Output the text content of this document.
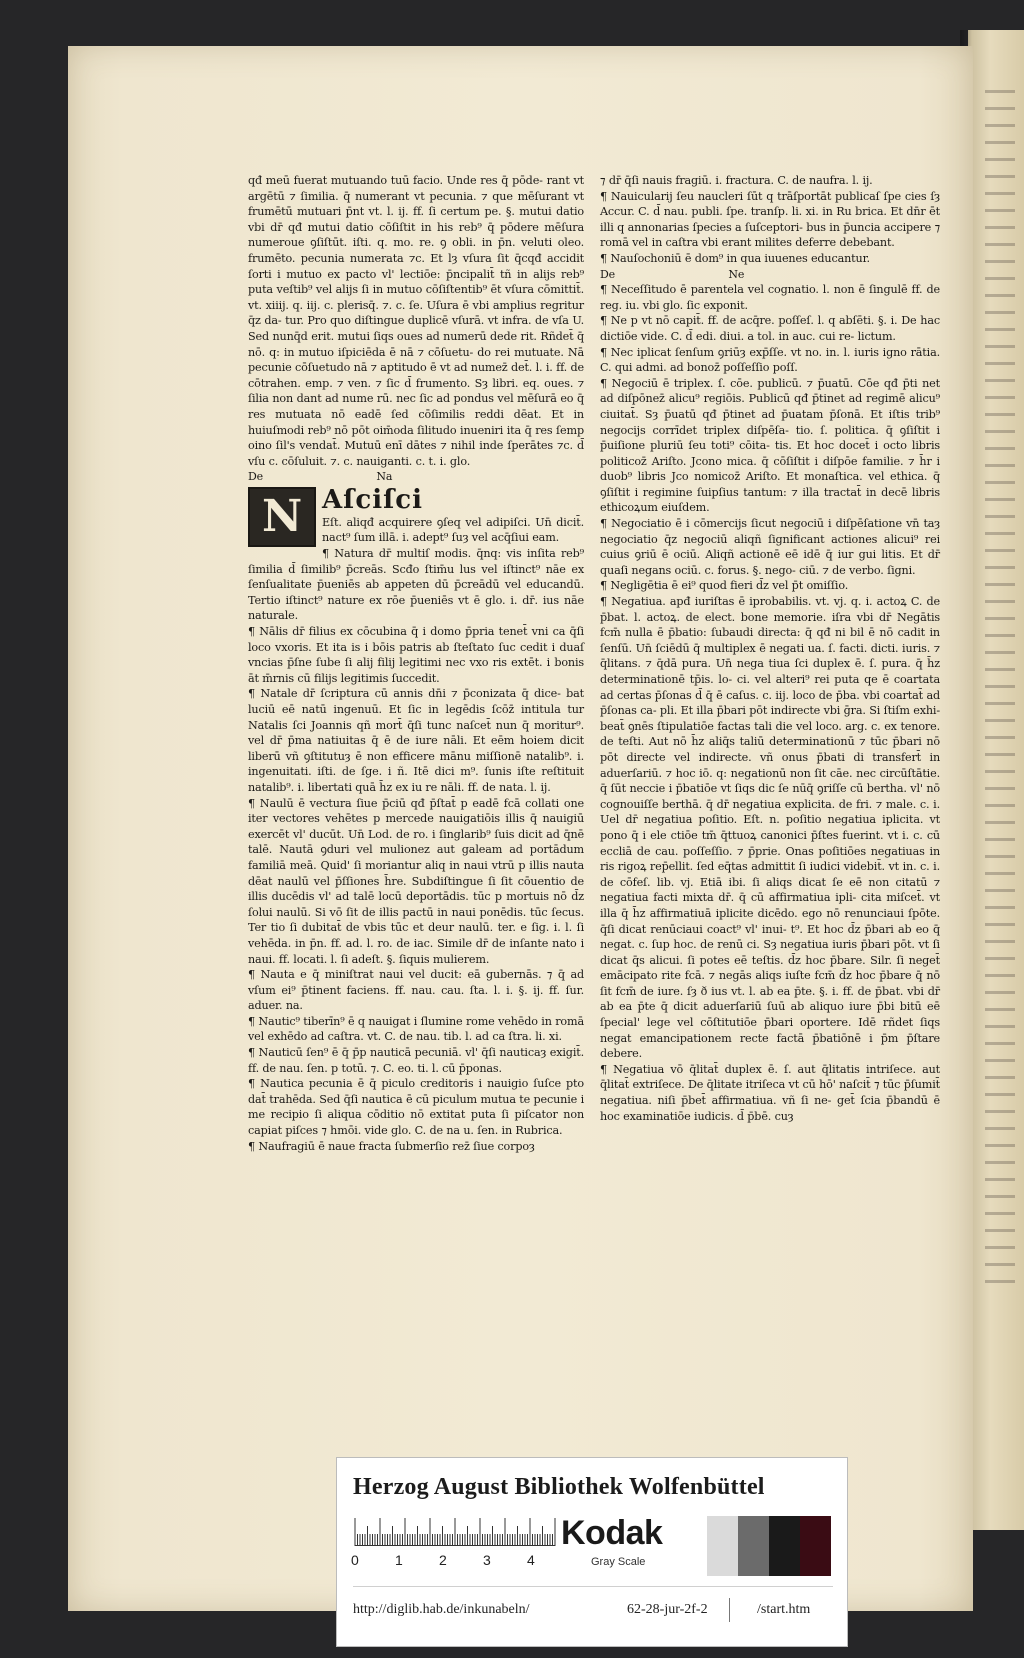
qđ meū fuerat mutuando tuū facio. Unde res q̄ pōde- rant vt argētū ⁊ ſimilia. q̄ numerant vt pecunia. ⁊ que mēſurant vt frumētū mutuari p̄nt vt. l. ij. ff. ſi certum pe. §. mutui datio vbi dr̄ qđ mutui datio cōſiſtit in his reb⁹ q̄ pōdere mēſura numeroue ꝯſiſtūt. iſti. q. mo. re. ꝯ obli. in p̄n. veluti oleo. frumēto. pecunia numerata ⁊c. Et lȝ vſura ſit q̄cqđ accidit ſorti i mutuo ex pacto vl' lectiōe: p̄ncipalit̄ tñ in alijs reb⁹ puta veſtib⁹ vel alijs ſi in mutuo cōſiſtentib⁹ ēt vſura cōmittit̄. vt. xiiij. q. iij. c. plerisq̄. ⁊. c. ſe. Uſura ē vbi amplius regritur q̄z da- tur. Pro quo diſtingue duplicē vſurā. vt infra. de vſa U. Sed nunq̄d erit. mutui ſiqs oues ad numerū dede rit. Rñdet̄ q̄ nō. q: in mutuo iſpiciēda ē nā ⁊ cōſuetu- do rei mutuate. Nā pecunie cōſuetudo nā ⁊ aptitudo ē vt ad numez̄ det̄. l. i. ff. de cōtrahen. emp. ⁊ ven. ⁊ ſic d̄ frumento. Sȝ libri. eq. oues. ⁊ ſilia non dant ad nume rū. nec ſic ad pondus vel mēſurā eo q̄ res mutuata nō eadē ſed cōſimilis reddi dēat. Et in huiuſmodi reb⁹ nō pōt oim̄oda ſilitudo inueniri ita q̄ res ſemp oino ſil's vendat̄. Mutuū enī dātes ⁊ nihil inde ſperātes ⁊c. d̄ vſu c. cōſuluit. ⁊. c. nauiganti. c. t. i. glo.

De Na

N Aſciſci

Eſt. aliqđ acquirere ꝯſeq vel adipiſci. Un̄ dicit̄. nact⁹ ſum illā. i. adept⁹ ſuȝ vel acq̄ſiui eam.

¶ Natura dr̄ multiſ modis. q̄nq: vis inſita reb⁹ ſimilia d̄ ſimilib⁹ p̄creās. Scđo ſtim̄u lus vel iſtinct⁹ nāe ex ſenſualitate p̄ueniēs ab appeten dū p̄creādū vel educandū. Tertio iſtinct⁹ nature ex rōe p̄ueniēs vt ē glo. i. dr̄. ius nāe naturale.

¶ Nālis dr̄ filius ex cōcubina q̄ i domo p̄pria tenet̄ vni ca q̄ſi loco vxoris. Et ita is i bōis patris ab ſteſtato ſuc cedit i duaſ vncias p̄ſne ſube ſi alij filij legitimi nec vxo ris extēt. i bonis āt m̄rnis cū filijs legitimis ſuccedit.

¶ Natale dr̄ ſcriptura cū annis dn̄i ⁊ p̄conizata q̄ dice- bat luciū eē natū ingenuū. Et ſic in legēdis ſcōz̄ intitula tur Natalis ſci Joannis qñ mort̄ q̄ſi tunc naſcet̄ nun q̄ moritur⁹. vel dr̄ p̄ma natiuitas q̄ ē de iure nāli. Et eēm hoiem dicit liberū vñ ꝯſtitutuȝ ē non efficere mānu miſſionē natalib⁹. i. ingenuitati. iſti. de ſge. i ñ. Itē dici m⁹. ſunis iſte reſtituit natalib⁹. i. libertati quā h̄z ex iu re nāli. ff. de nata. l. ij.

¶ Naulū ē vectura ſiue p̄ciū qđ p̄ſtat̄ p eadē fcā collati one iter vectores vehētes p mercede nauigatiōis illis q̄ nauigiū exercēt vl' ducūt. Un̄ Lod. de ro. i ſinglarib⁹ ſuis dicit ad q̄nē talē. Nautā ꝯduri vel mulionez aut galeam ad portādum familiā meā. Quid' ſi moriantur aliq in naui vtrū p illis nauta dēat naulū vel p̄ſſiones h̄re. Subdiſtingue ſi ſit cōuentio de illis ducēdis vl' ad talē locū deportādis. tūc p mortuis nō d̄z ſolui naulū. Si vō ſit de illis pactū in naui ponēdis. tūc ſecus. Ter tio ſi dubitat̄ de vbis tūc et deur naulū. ter. e ſig. i. l. ſi vehēda. in p̄n. ff. ad. l. ro. de iac. Simile dr̄ de inſante nato i naui. ff. locati. l. ſi adeſt. §. ſiquis mulierem.

¶ Nauta e q̄ miniſtrat naui vel ducit: eā gubernās. ⁊ q̄ ad vſum ei⁹ p̄tinent faciens. ff. nau. cau. ſta. l. i. §. ij. ff. ſur. aduer. na.

¶ Nautic⁹ tiberīn⁹ ē q nauigat i ſlumine rome vehēdo in romā vel exhēdo ad caſtra. vt. C. de nau. tib. l. ad ca ſtra. li. xi.

¶ Nauticū ſen⁹ ē q̄ p̄p nauticā pecuniā. vl' q̄ſi nauticaȝ exigit̄. ff. de nau. ſen. p totū. ⁊. C. eo. ti. l. cū p̄ponas.

¶ Nautica pecunia ē q̄ piculo creditoris i nauigio ſuſce pto dat̄ trahēda. Sed q̄ſi nautica ē cū piculum mutua te pecunie i me recipio ſi aliqua cōditio nō extitat puta ſi piſcator non capiat piſces ⁊ hmōi. vide glo. C. de na u. ſen. in Rubrica.

¶ Naufragiū ē naue fracta ſubmerſio rez̄ ſiue corpoȝ

⁊ dr̄ q̄ſi nauis fragiū. i. fractura. C. de naufra. l. ij.

¶ Nauicularij ſeu naucleri ſūt q trāſportāt publicaſ ſpe cies ſȝ Accur. C. d̄ nau. publi. ſpe. tranſp. li. xi. in Ru brica. Et dn̄r ēt illi q annonarias ſpecies a ſuſceptori- bus in p̄uncia accipere ⁊ romā vel in caſtra vbi erant milites deferre debebant.

¶ Nauſochoniū ē dom⁹ in qua iuuenes educantur.

De Ne

¶ Neceſſitudo ē parentela vel cognatio. l. non ē ſingulē ff. de reg. iu. vbi glo. ſic exponit.

¶ Ne p vt nō capit̄. ff. de acq̄re. poſſeſ. l. q abſēti. §. i. De hac dictiōe vide. C. d̄ edi. diui. a tol. in auc. cui re- lictum.

¶ Nec iplicat ſenſum ꝯriūȝ exp̄ſſe. vt no. in. l. iuris igno rātia. C. qui admi. ad bonoz̄ poſſeſſio poſſ.

¶ Negociū ē triplex. ſ. cōe. publicū. ⁊ p̄uatū. Cōe qđ p̄ti net ad diſpōnez̄ alicu⁹ regiōis. Publicū qđ p̄tinet ad regimē alicu⁹ ciuitat̄. Sȝ p̄uatū qđ p̄tinet ad p̄uatam p̄ſonā. Et iſtis trib⁹ negocijs corrīdet triplex diſpēſa- tio. ſ. politica. q̄ ꝯſiſtit i p̄uiſione pluriū ſeu toti⁹ cōita- tis. Et hoc docet̄ i octo libris politicoz̄ Ariſto. Jcono mica. q̄ cōſiſtit i diſpōe familie. ⁊ h̄r i duob⁹ libris Jco nomicoz̄ Ariſto. Et monaſtica. vel ethica. q̄ ꝯſiſtit i regimine ſuipſius tantum: ⁊ illa tractat̄ in decē libris ethicoꝝum eiuſdem.

¶ Negociatio ē i cōmercijs ſicut negociū i diſpēſatione vn̄ taȝ negociatio q̄z negociū aliqñ ſignificant actiones alicui⁹ rei cuius ꝯriū ē ociū. Aliqñ actionē eē idē q̄ iur gui litis. Et dr̄ quaſi negans ociū. c. forus. §. nego- ciū. ⁊ de verbo. ſigni.

¶ Negligētia ē ei⁹ quod fieri d̄z vel p̄t omiſſio.

¶ Negatiua. apđ iuriſtas ē iprobabilis. vt. vj. q. i. actoꝝ C. de p̄bat. l. actoꝝ. de elect. bone memorie. iſra vbi dr̄ Negātis fcm̄ nulla ē p̄batio: ſubaudi directa: q̄ qđ ni bil ē nō cadit in ſenſū. Un̄ ſciēdū q̄ multiplex ē negati ua. ſ. facti. dicti. iuris. ⁊ q̄litans. ⁊ q̄dā pura. Un̄ nega tiua ſci duplex ē. ſ. pura. q̄ h̄z determinationē tp̄is. lo- ci. vel alteri⁹ rei puta qe ē coartata ad certas p̄ſonas d̄ q̄ ē caſus. c. iij. loco de p̄ba. vbi coartat̄ ad p̄ſonas ca- pli. Et illa p̄bari pōt indirecte vbi ḡra. Si ſtiſm exhi- beat̄ ꝯnēs ſtipulatiōe factas tali die vel loco. arg. c. ex tenore. de teſti. Aut nō h̄z aliq̄s taliū determinationū ⁊ tūc p̄bari nō pōt directe vel indirecte. vñ onus p̄bati di transfert̄ in aduerſariū. ⁊ hoc iō. q: negationū non ſit cāe. nec circūſtātie. q̄ ſūt neccie i p̄batiōe vt ſiqs dic ſe nūq̄ ꝯriſſe cū bertha. vl' nō cognouiſſe berthā. q̄ dr̄ negatiua explicita. de fri. ⁊ male. c. i. Uel dr̄ negatiua poſitio. Eſt. n. poſitio negatiua iplicita. vt pono q̄ i ele ctiōe tm̄ q̄ttuoꝝ canonici p̄ſtes fuerint. vt i. c. cū eccliā de cau. poſſeſſio. ⁊ p̄prie. Onas poſitiōes negatiuas in ris rigoꝝ rep̄ellit. ſed eq̄tas admittit ſi iudici videbit̄. vt in. c. i. de cōfeſ. lib. vj. Etiā ibi. ſi aliqs dicat ſe eē non citatū ⁊ negatiua facti mixta dr̄. q̄ cū affirmatiua ipli- cita miſcet̄. vt illa q̄ h̄z affirmatiuā iplicite dicēdo. ego nō renunciaui ſpōte. q̄ſi dicat renūciaui coact⁹ vl' inui- t⁹. Et hoc d̄z p̄bari ab eo q̄ negat. c. ſup hoc. de renū ci. Sȝ negatiua iuris p̄bari pōt. vt ſi dicat q̄s alicui. ſi potes eē teſtis. d̄z hoc p̄bare. Silr. ſi neget̄ emācipato rite fcā. ⁊ negās aliqs iuſte fcm̄ d̄z hoc p̄bare q̄ nō ſit fcm̄ de iure. ſȝ ð ius vt. l. ab ea p̄te. §. i. ff. de p̄bat. vbi dr̄ ab ea p̄te q̄ dicit aduerſariū ſuū ab aliquo iure p̄bi bitū eē ſpecial' lege vel cōſtitutiōe p̄bari oportere. Idē rñdet ſiqs negat emancipationem recte factā p̄batiōnē i p̄m p̄ſtare debere.

¶ Negatiua vō q̄litat̄ duplex ē. ſ. aut q̄litatis intriſece. aut q̄litat̄ extriſece. De q̄litate itriſeca vt cū hō' naſcit̄ ⁊ tūc p̄ſumit̄ negatiua. niſi p̄bet̄ affirmatiua. vñ ſi ne- get̄ ſcia p̄bandū ē hoc examinatiōe iudicis. d̄ p̄bē. cuȝ

Herzog August Bibliothek Wolfenbüttel
0	1	2	3	4
Kodak
Gray Scale
http://diglib.hab.de/inkunabeln/	62-28-jur-2f-2	/start.htm
